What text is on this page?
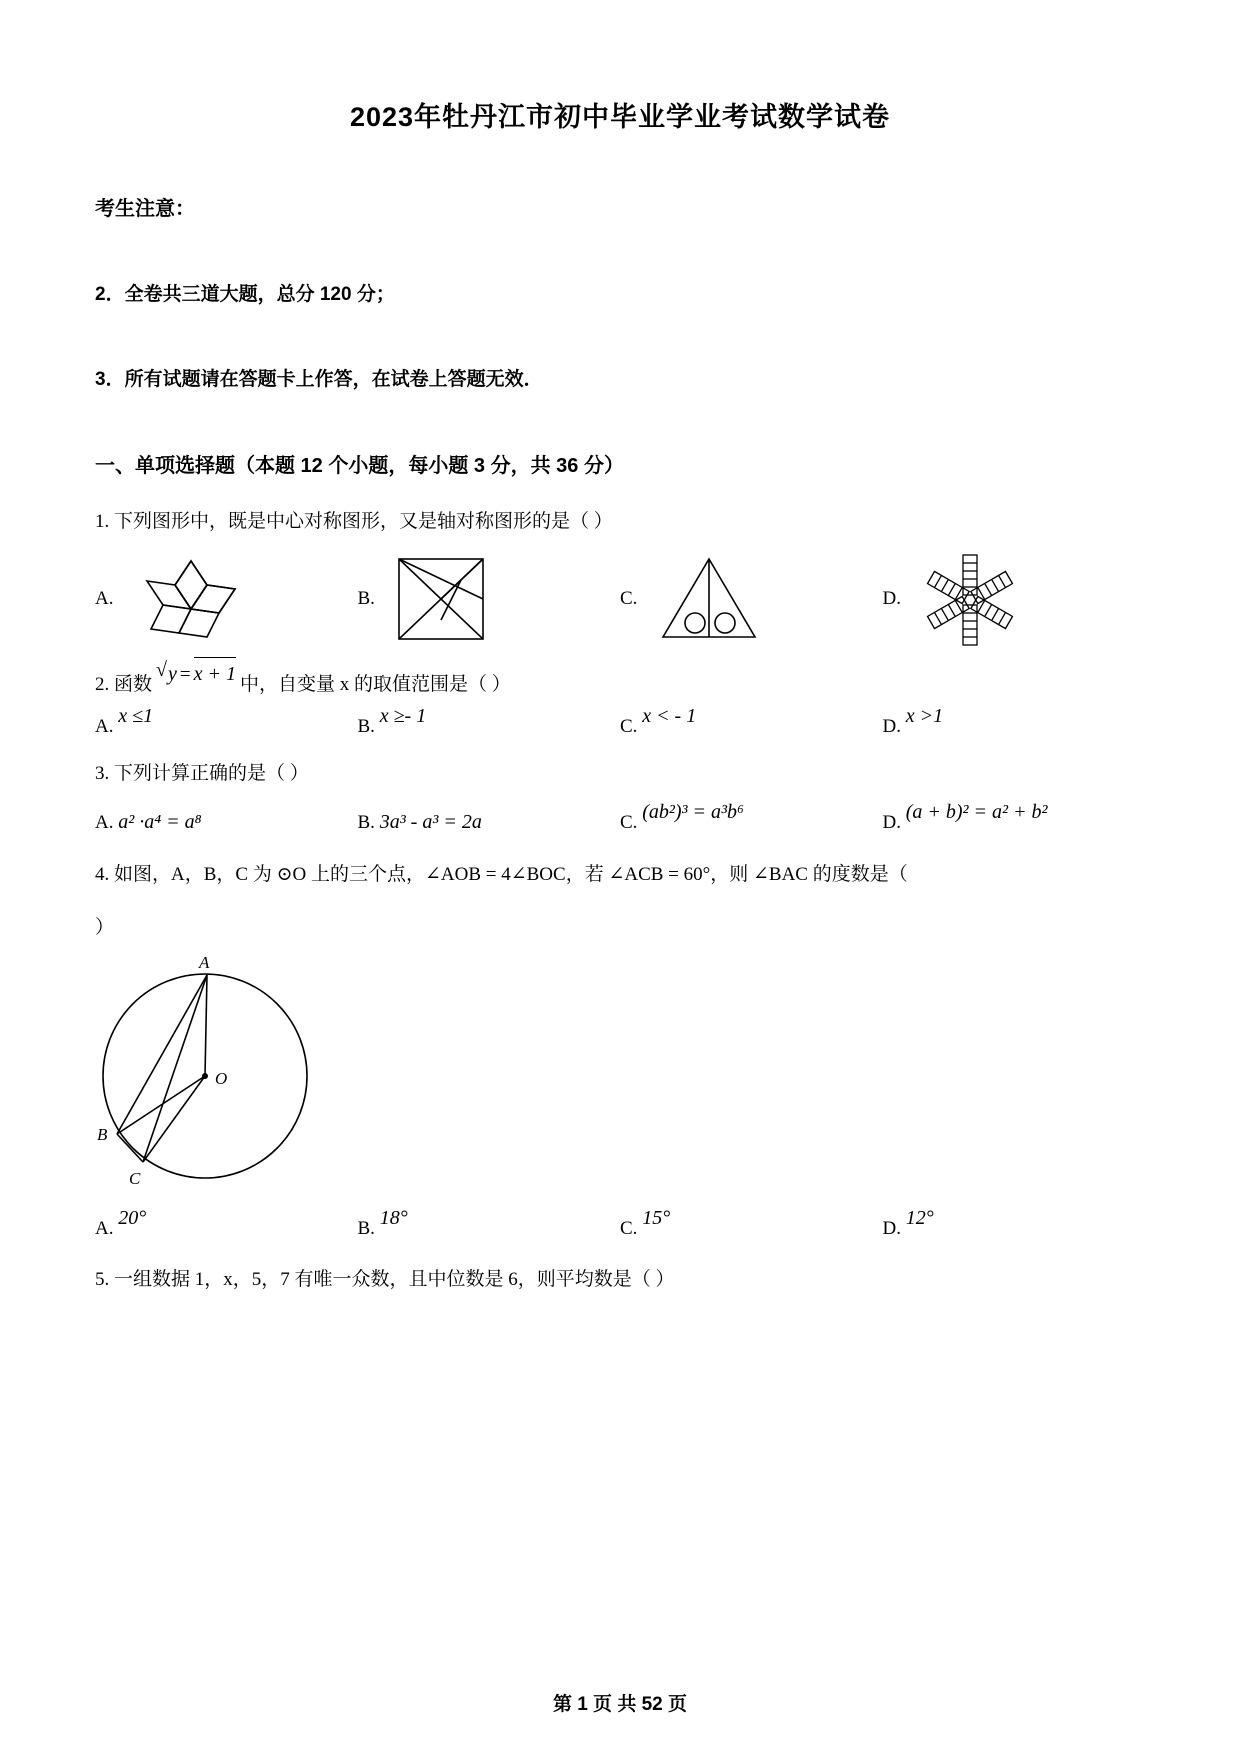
2023年牡丹江市初中毕业学业考试数学试卷
考生注意：
2．全卷共三道大题，总分 120 分；
3．所有试题请在答题卡上作答，在试卷上答题无效．
一、单项选择题（本题 12 个小题，每小题 3 分，共 36 分）
1. 下列图形中，既是中心对称图形，又是轴对称图形的是（ ）
A.	B.	C.	D.
2. 函数 √ y = x + 1 中，自变量 x 的取值范围是（ ）
A. x ≤1	B. x ≥- 1	C. x < - 1	D. x >1
3. 下列计算正确的是（ ）
A. a² ·a⁴ = a⁸	B. 3a³ - a³ = 2a	C. (ab²)³ = a³b⁶	D. (a + b)² = a² + b²
4. 如图，A，B，C 为 ⊙O 上的三个点，∠AOB = 4∠BOC，若 ∠ACB = 60°，则 ∠BAC 的度数是（
）
A
O
B
C
A. 20°	B. 18°	C. 15°	D. 12°
5. 一组数据 1，x，5，7 有唯一众数，且中位数是 6，则平均数是（ ）
第 1 页 共 52 页
